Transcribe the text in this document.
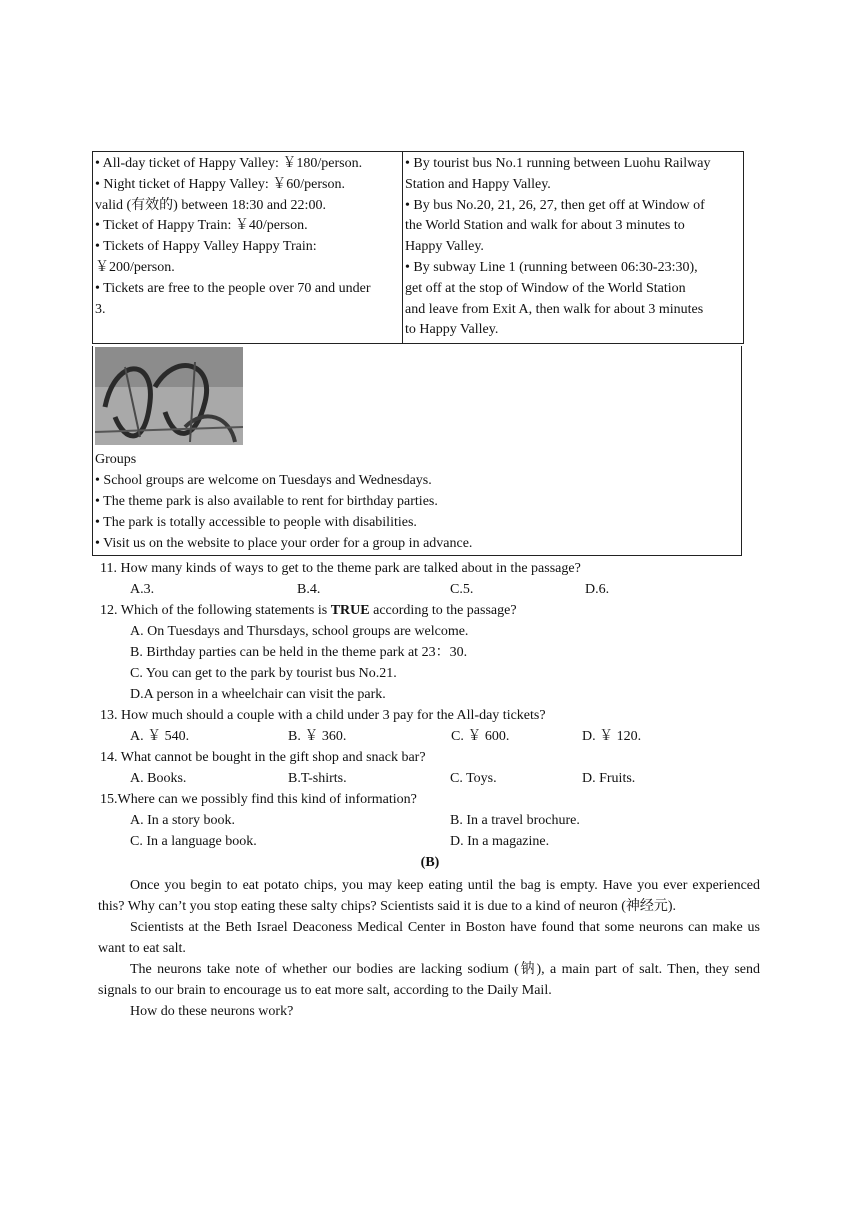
• All-day ticket of Happy Valley: ￥180/person.
• Night ticket of Happy Valley: ￥60/person.
valid (有效的) between 18:30 and 22:00.
• Ticket of Happy Train: ￥40/person.
• Tickets of Happy Valley Happy Train:
￥200/person.
• Tickets are free to the people over 70 and under
3.
• By tourist bus No.1 running between Luohu Railway
Station and Happy Valley.
• By bus No.20, 21, 26, 27, then get off at Window of
the World Station and walk for about 3 minutes to
Happy Valley.
• By subway Line 1 (running between 06:30-23:30),
get off at the stop of Window of the World Station
and leave from Exit A, then walk for about 3 minutes
to Happy Valley.
Groups
• School groups are welcome on Tuesdays and Wednesdays.
• The theme park is also available to rent for birthday parties.
• The park is totally accessible to people with disabilities.
• Visit us on the website to place your order for a group in advance.
11. How many kinds of ways to get to the theme park are talked about in the passage?
A.3.	B.4.	C.5.	D.6.
12. Which of the following statements is TRUE according to the passage?
A. On Tuesdays and Thursdays, school groups are welcome.
B. Birthday parties can be held in the theme park at 23：30.
C. You can get to the park by tourist bus No.21.
D.A person in a wheelchair can visit the park.
13. How much should a couple with a child under 3 pay for the All-day tickets?
A. ￥ 540.	B. ￥ 360.	C. ￥ 600.	D. ￥ 120.
14. What cannot be bought in the gift shop and snack bar?
A. Books.	B.T-shirts.	C. Toys.	D. Fruits.
15.Where can we possibly find this kind of information?
A. In a story book.	B. In a travel brochure.
C. In a language book.	D. In a magazine.
(B)

Once you begin to eat potato chips, you may keep eating until the bag is empty. Have you ever experienced this? Why can’t you stop eating these salty chips? Scientists said it is due to a kind of neuron (神经元).

Scientists at the Beth Israel Deaconess Medical Center in Boston have found that some neurons can make us want to eat salt.

The neurons take note of whether our bodies are lacking sodium (钠), a main part of salt. Then, they send signals to our brain to encourage us to eat more salt, according to the Daily Mail.

How do these neurons work?
